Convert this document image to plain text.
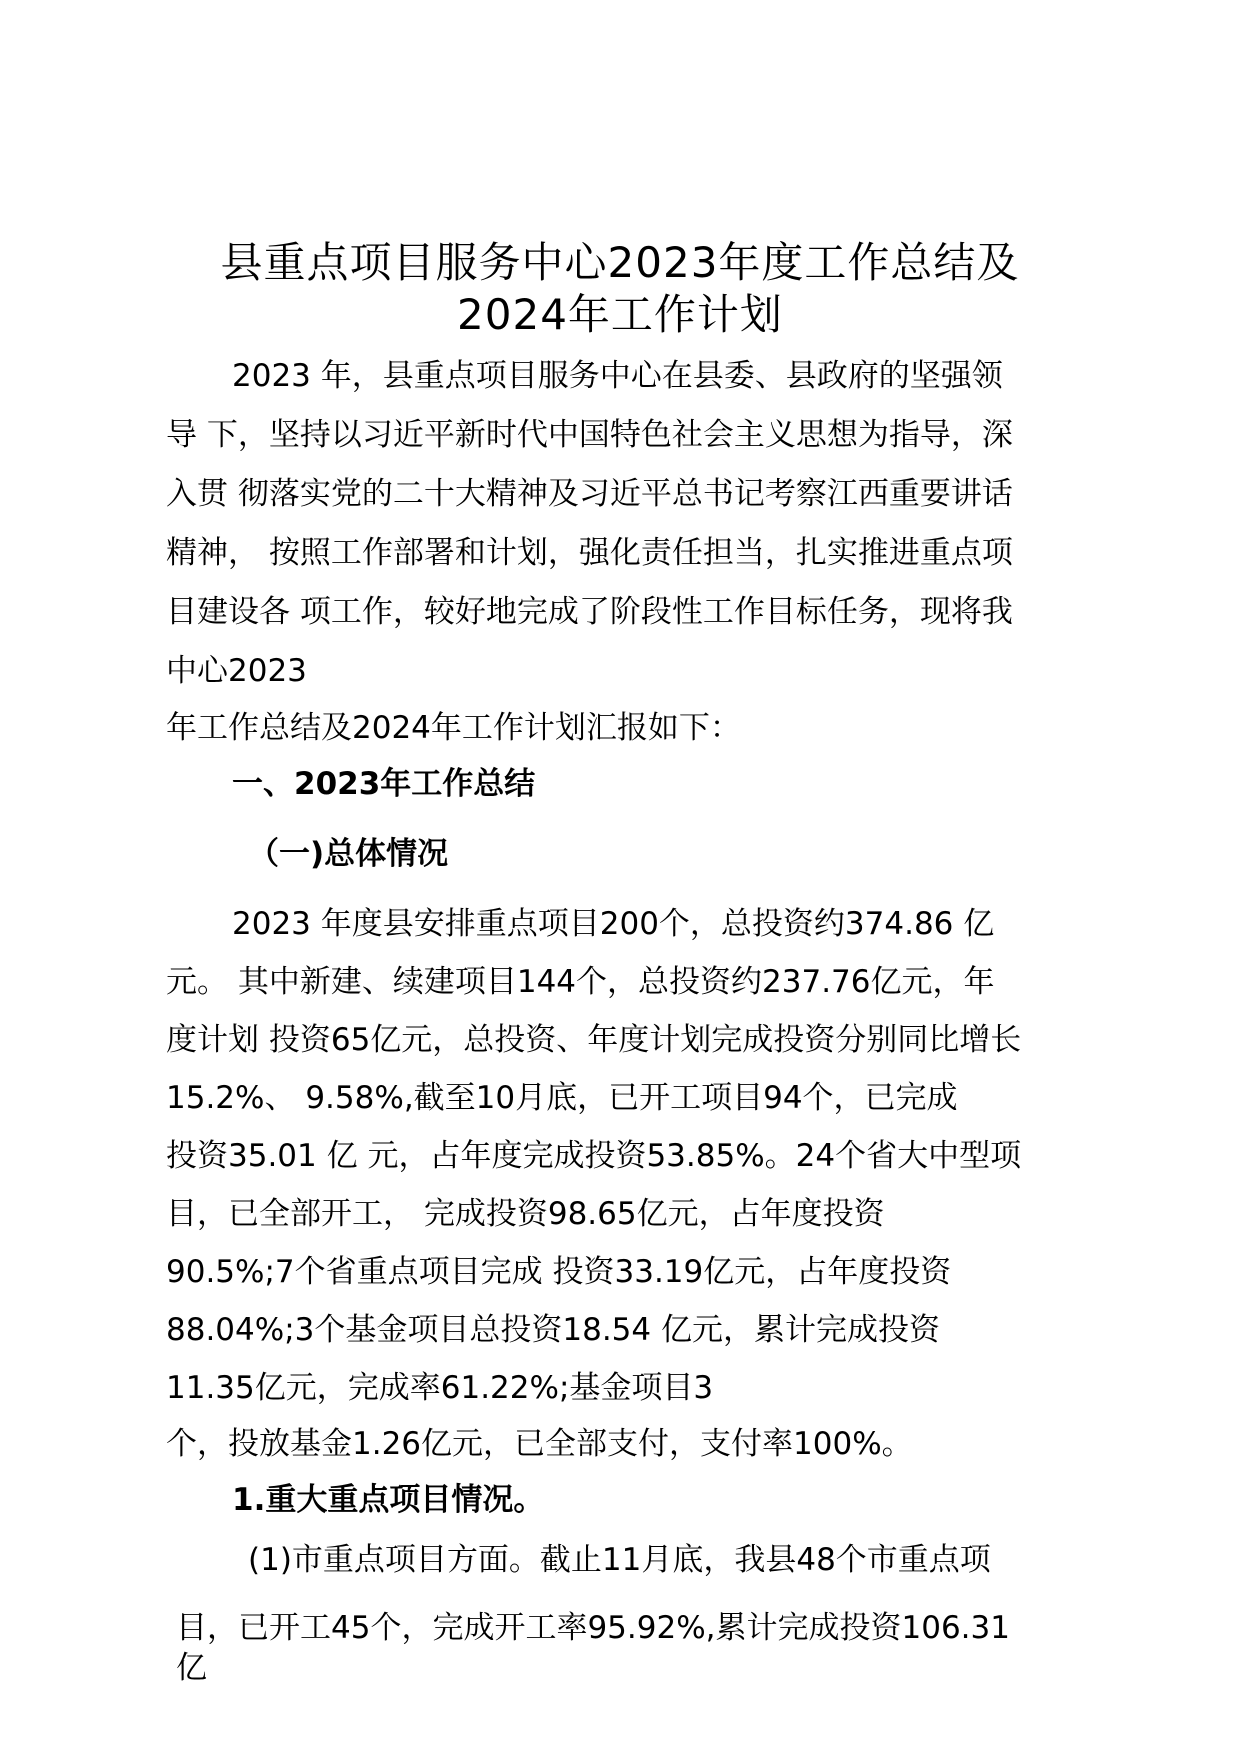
县重点项目服务中心2023年度工作总结及
2024年工作计划
2023 年，县重点项目服务中心在县委、县政府的坚强领
导 下，坚持以习近平新时代中国特色社会主义思想为指导，深
入贯 彻落实党的二十大精神及习近平总书记考察江西重要讲话
精神， 按照工作部署和计划，强化责任担当，扎实推进重点项
目建设各 项工作，较好地完成了阶段性工作目标任务，现将我
中心2023
年工作总结及2024年工作计划汇报如下：
一、2023年工作总结
（一)总体情况
2023 年度县安排重点项目200个，总投资约374.86 亿
元。 其中新建、续建项目144个，总投资约237.76亿元，年
度计划 投资65亿元，总投资、年度计划完成投资分别同比增长
15.2%、 9.58%,截至10月底，已开工项目94个，已完成
投资35.01 亿 元，占年度完成投资53.85%。24个省大中型项
目，已全部开工， 完成投资98.65亿元，占年度投资
90.5%;7个省重点项目完成 投资33.19亿元，占年度投资
88.04%;3个基金项目总投资18.54 亿元，累计完成投资
11.35亿元，完成率61.22%;基金项目3
个，投放基金1.26亿元，已全部支付，支付率100%。
1.重大重点项目情况。
(1)市重点项目方面。截止11月底，我县48个市重点项
目，已开工45个，完成开工率95.92%,累计完成投资106.31
亿
